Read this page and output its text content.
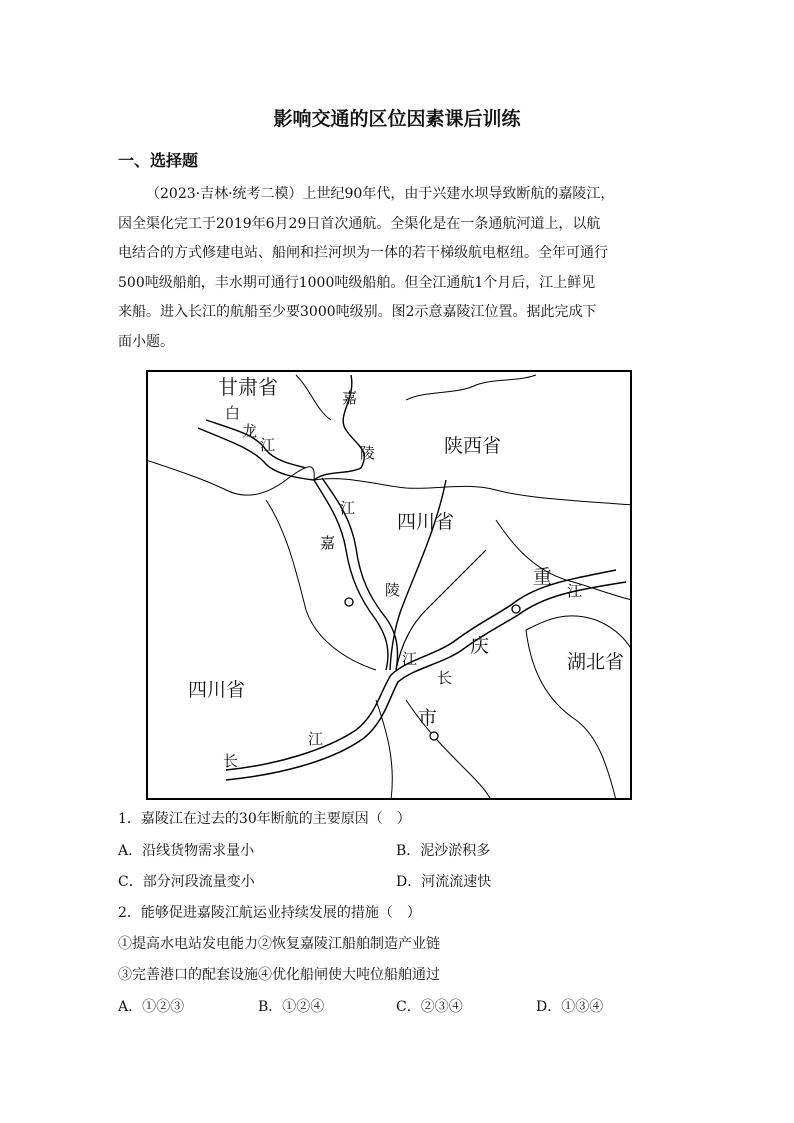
影响交通的区位因素课后训练
一、选择题
（2023·吉林·统考二模）上世纪90年代，由于兴建水坝导致断航的嘉陵江，
因全渠化完工于2019年6月29日首次通航。全渠化是在一条通航河道上，以航
电结合的方式修建电站、船闸和拦河坝为一体的若干梯级航电枢纽。全年可通行
500吨级船舶，丰水期可通行1000吨级船舶。但全江通航1个月后，江上鲜见
来船。进入长江的航船至少要3000吨级别。图2示意嘉陵江位置。据此完成下
面小题。
甘肃省
白
龙
江
嘉
陵	陕西省
江
四川省
嘉
陵
重
江
庆
江	湖北省
四川省
长
市
江
长
1．嘉陵江在过去的30年断航的主要原因（　）
A．沿线货物需求量小	B．泥沙淤积多
C．部分河段流量变小	D．河流流速快
2．能够促进嘉陵江航运业持续发展的措施（　）
①提高水电站发电能力②恢复嘉陵江船舶制造产业链
③完善港口的配套设施④优化船闸使大吨位船舶通过
A．①②③	B．①②④	C．②③④	D．①③④
